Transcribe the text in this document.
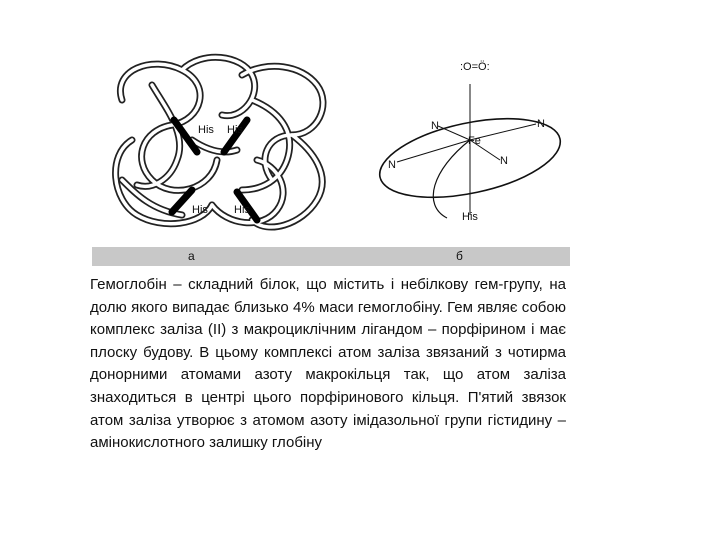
His His
His His
:O=Ö:
Fe
N	N
N	N
His
а	б

Гемоглобін – складний білок, що містить і небілкову гем-групу, на долю якого випадає близько 4% маси гемоглобіну. Гем являє собою комплекс заліза (II) з макроциклічним лігандом – порфірином і має плоску будову. В цьому комплексі атом заліза звязаний з чотирма донорними атомами азоту макрокільця так, що атом заліза знаходиться в центрі цього порфіринового кільця. П'ятий звязок атом заліза утворює з атомом азоту імідазольної групи гістидину – амінокислотного залишку глобіну
